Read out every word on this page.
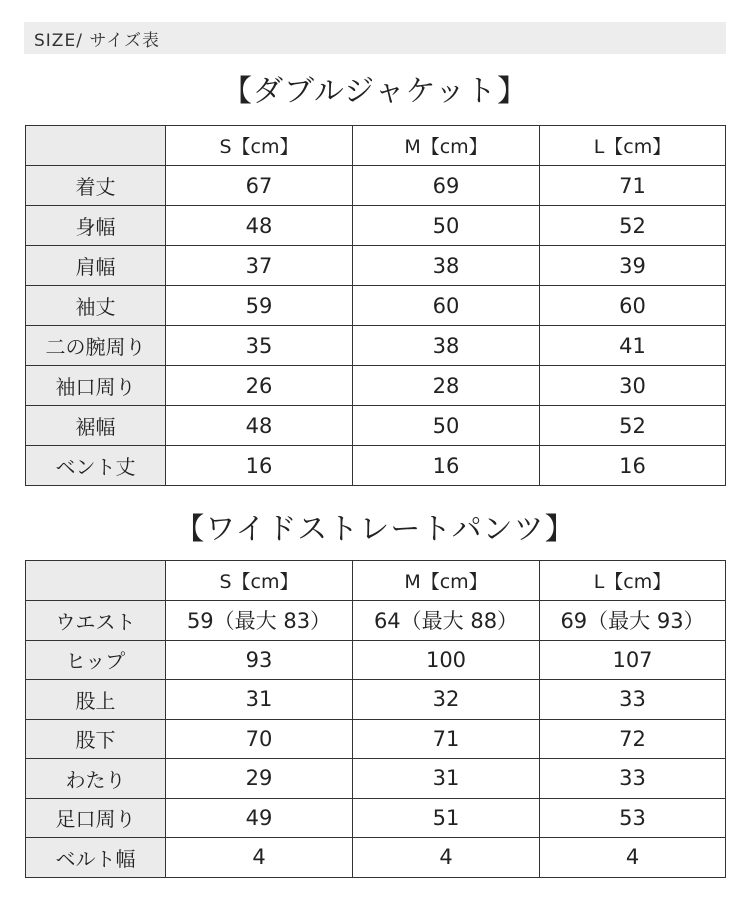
SIZE/ サイズ表
【ダブルジャケット】
	S【cm】	M【cm】	L【cm】
着丈	67	69	71
身幅	48	50	52
肩幅	37	38	39
袖丈	59	60	60
二の腕周り	35	38	41
袖口周り	26	28	30
裾幅	48	50	52
ベント丈	16	16	16
【ワイドストレートパンツ】
	S【cm】	M【cm】	L【cm】
ウエスト	59（最大 83）	64（最大 88）	69（最大 93）
ヒップ	93	100	107
股上	31	32	33
股下	70	71	72
わたり	29	31	33
足口周り	49	51	53
ベルト幅	4	4	4
